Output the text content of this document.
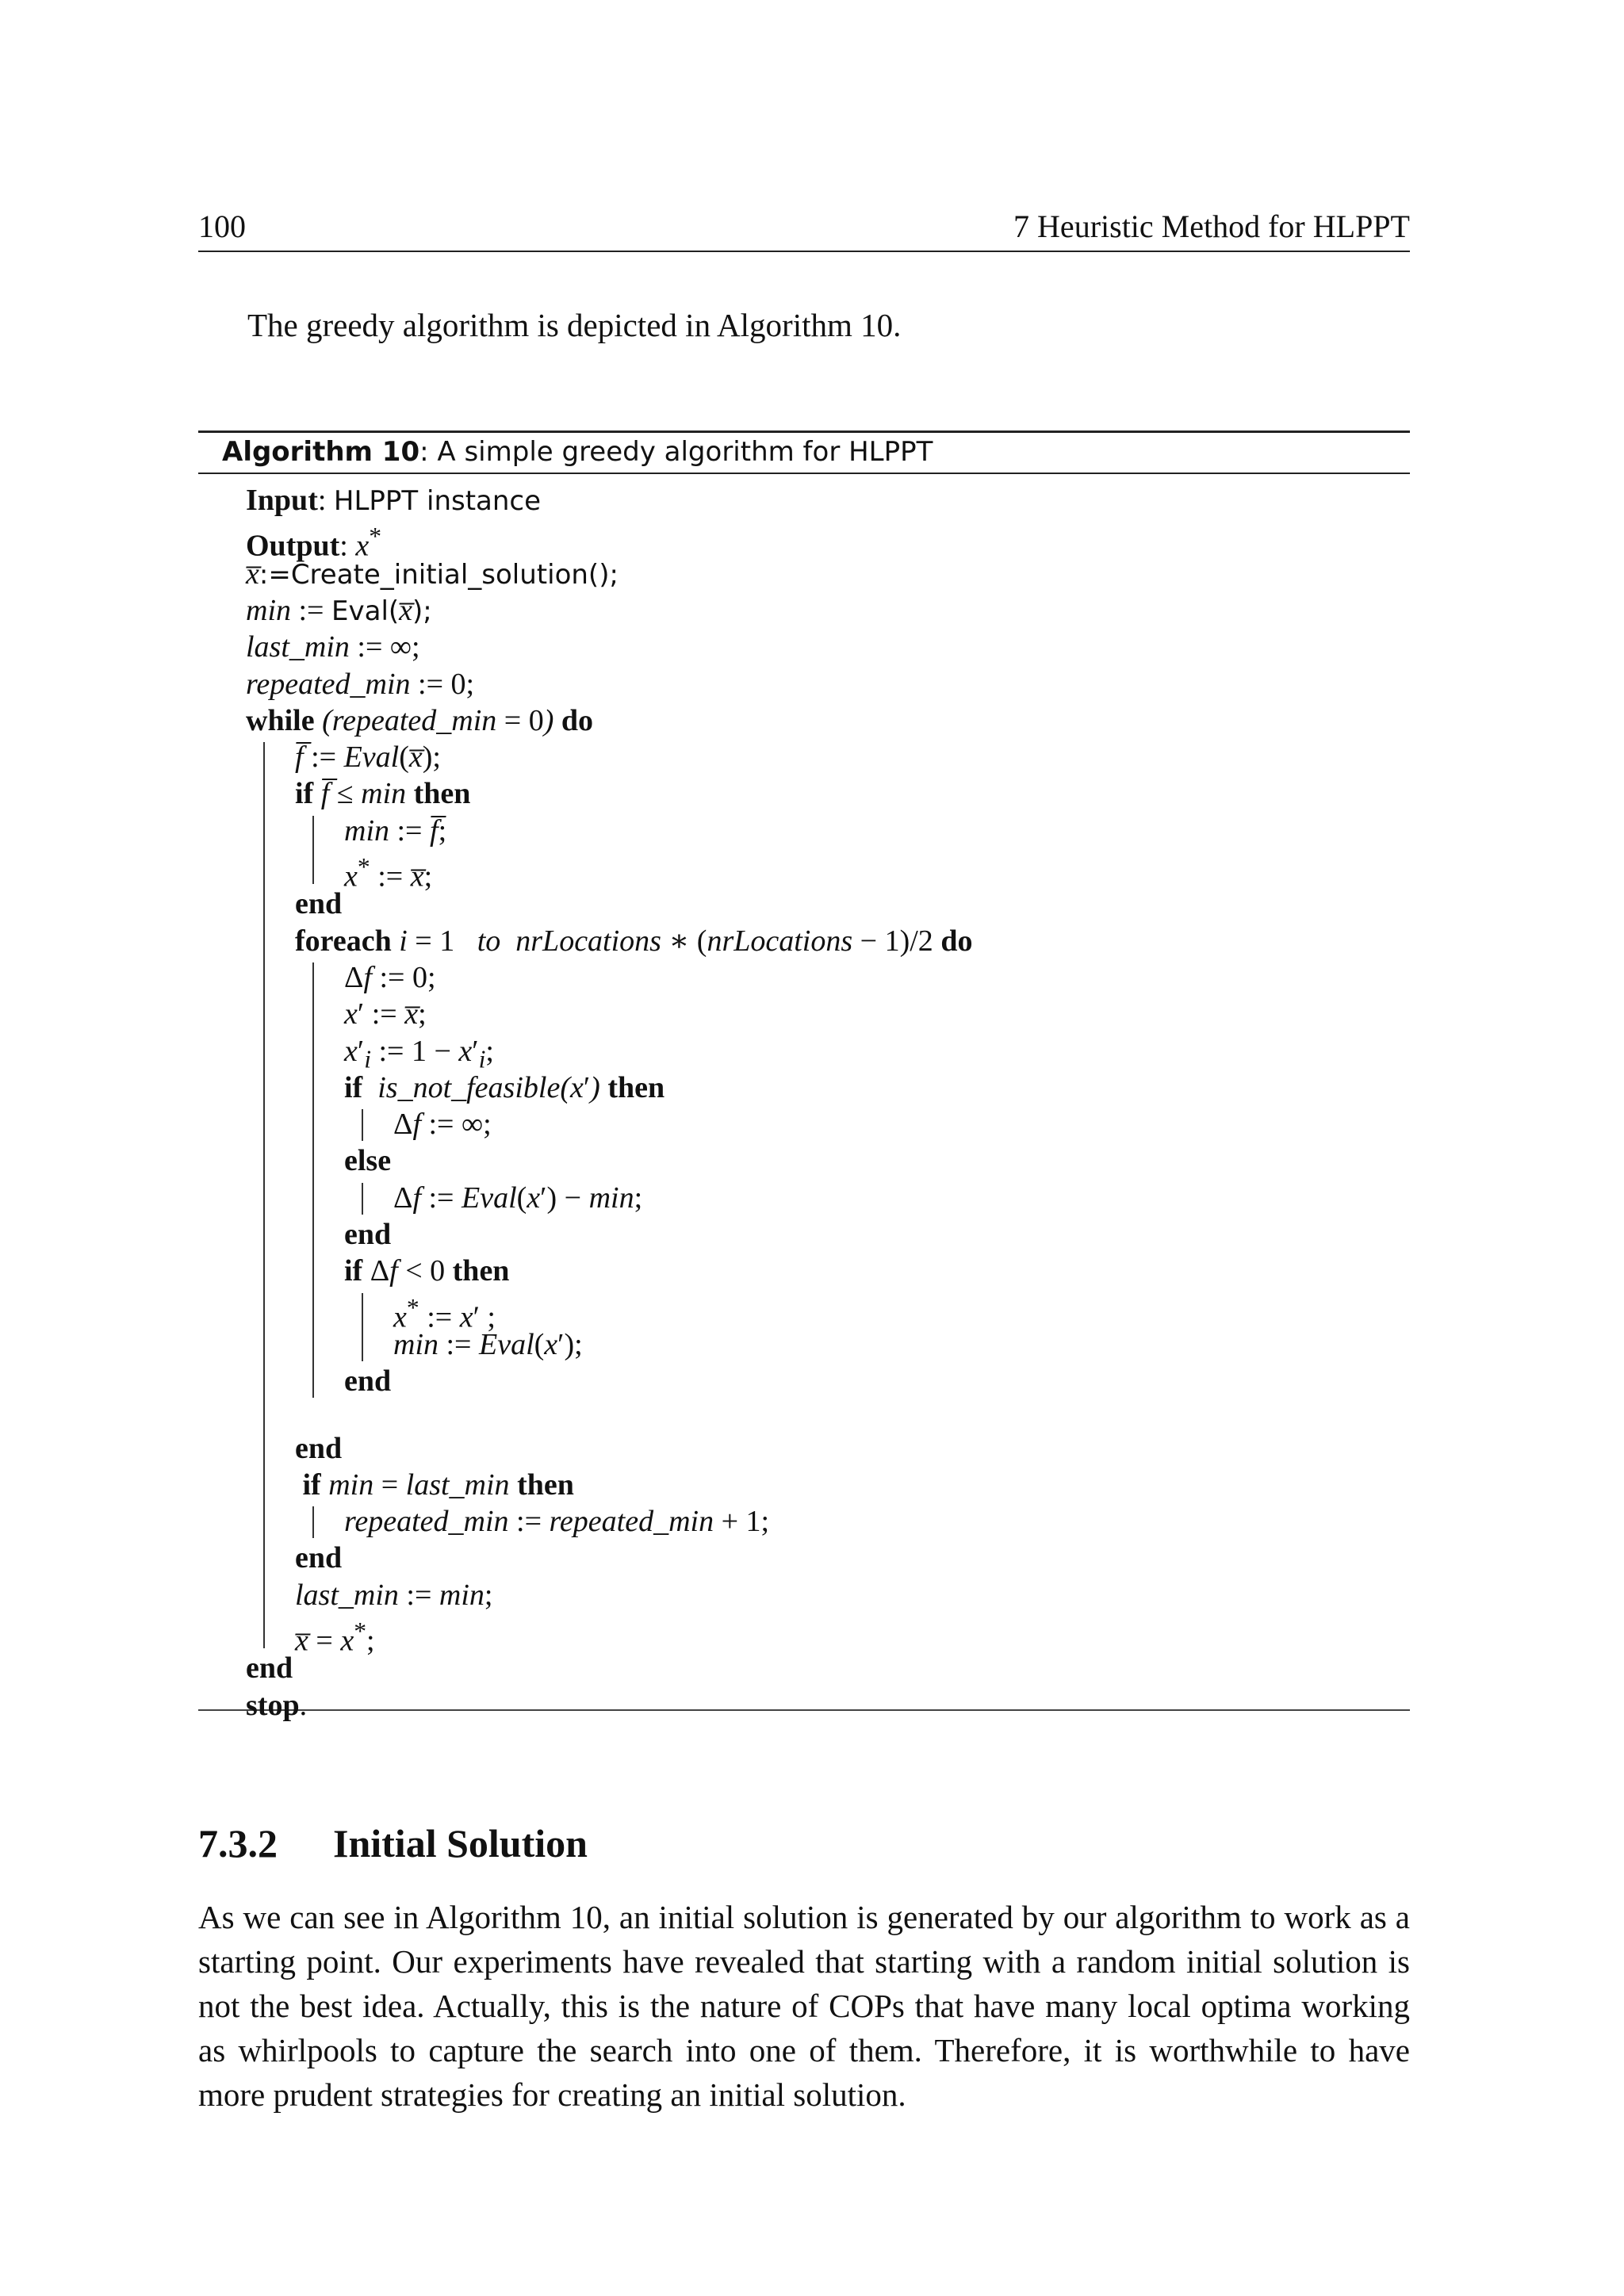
100	7 Heuristic Method for HLPPT
The greedy algorithm is depicted in Algorithm 10.
Algorithm 10: A simple greedy algorithm for HLPPT
Input: HLPPT instance
Output: x*
x̅:=Create_initial_solution();
min := Eval(x̅);
last_min := ∞;
repeated_min := 0;
while (repeated_min = 0) do
f̅ := Eval(x̅);
if f̅ ≤ min then
min := f̅;
x* := x̅;
end
foreach i = 1   to nrLocations ∗ (nrLocations − 1)/2 do
Δf := 0;
x′ := x̅;
$x'_i$ := $1 - x'_i$;
if is_not_feasible(x′) then
Δf := ∞;
else
Δf := Eval(x′) − min;
end
if Δf < 0 then
x* := x′ ;
min := Eval(x′);
end
end
if min = last_min then
repeated_min := repeated_min + 1;
end
last_min := min;
x̅ = x*;
end
stop.
7.3.2 Initial Solution
As we can see in Algorithm 10, an initial solution is generated by our algorithm to work as a starting point. Our experiments have revealed that starting with a random initial solution is not the best idea. Actually, this is the nature of COPs that have many local optima working as whirlpools to capture the search into one of them. Therefore, it is worthwhile to have more prudent strategies for creating an initial solution.
